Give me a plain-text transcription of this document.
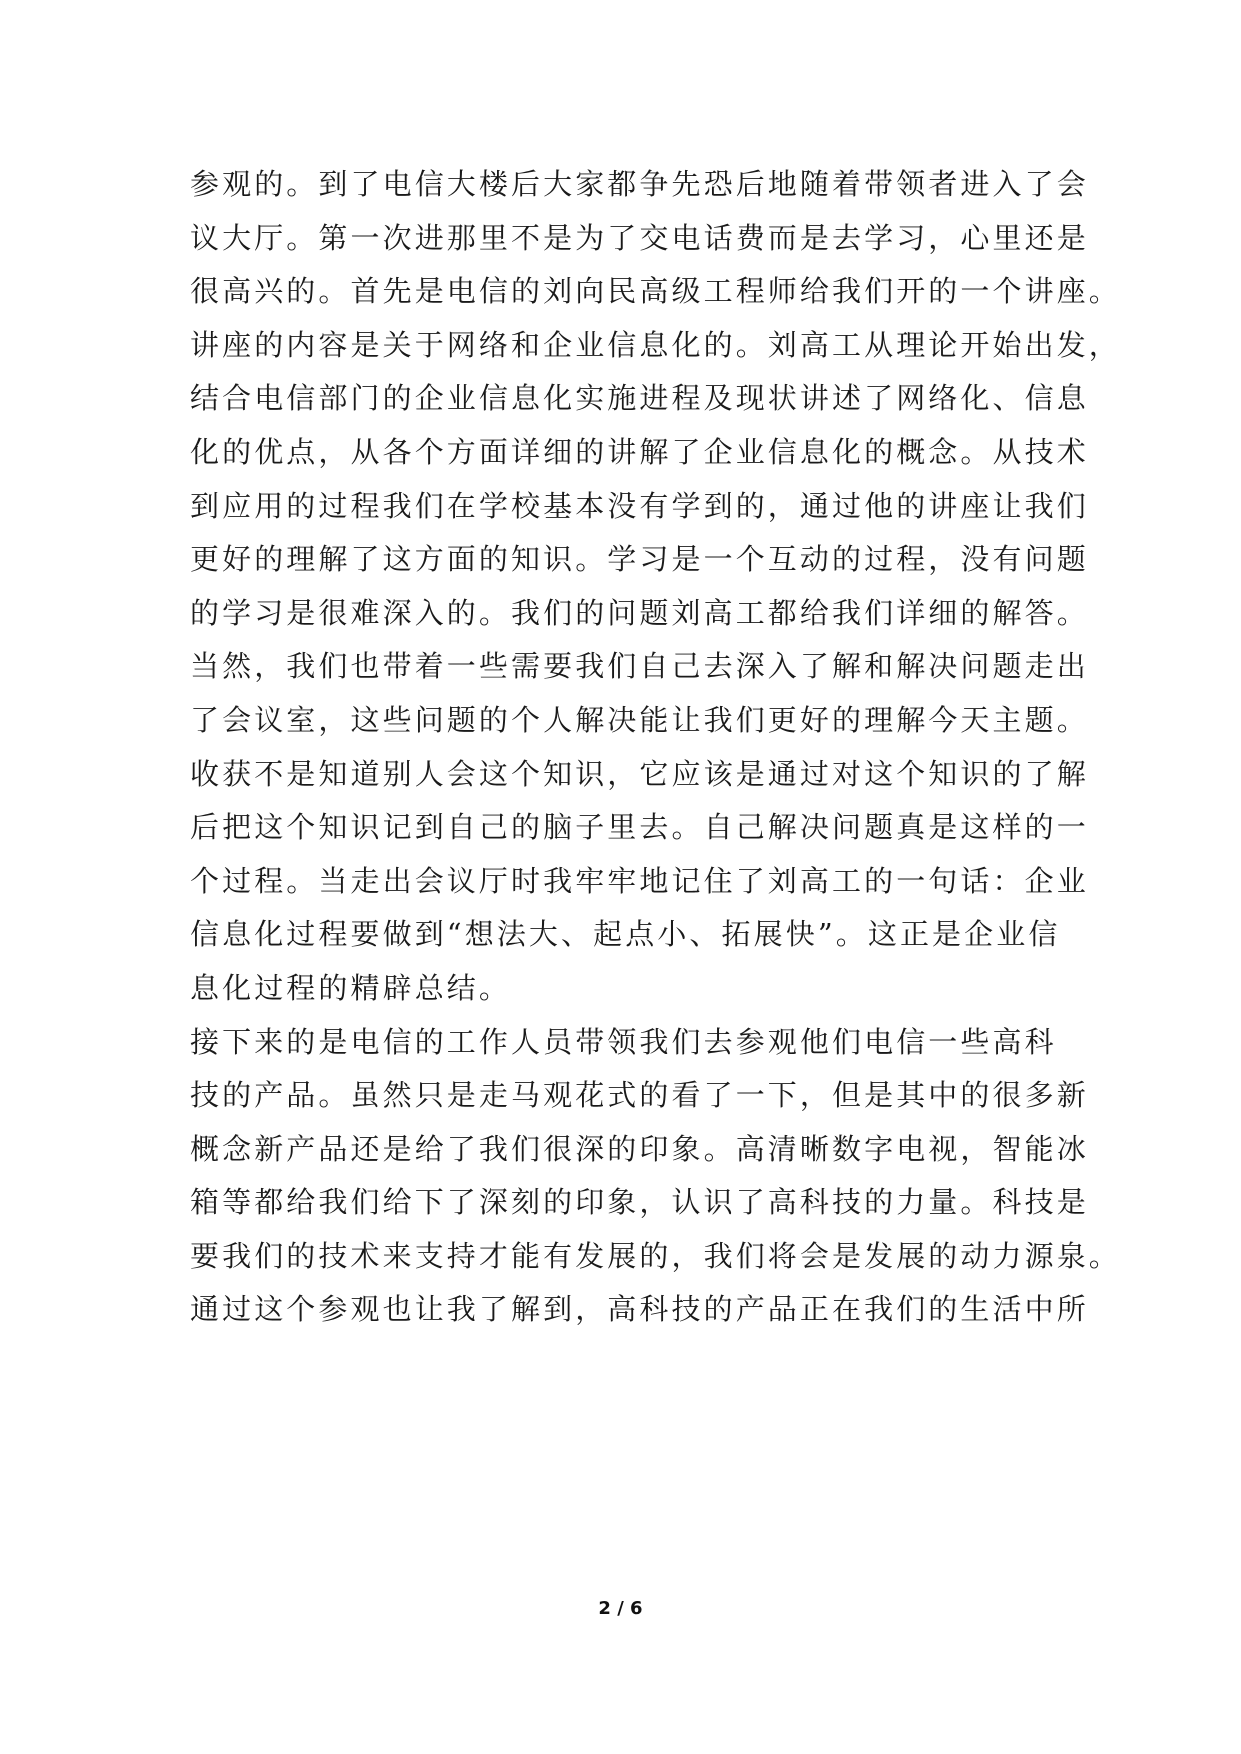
参观的。到了电信大楼后大家都争先恐后地随着带领者进入了会
议大厅。第一次进那里不是为了交电话费而是去学习，心里还是
很高兴的。首先是电信的刘向民高级工程师给我们开的一个讲座。
讲座的内容是关于网络和企业信息化的。刘高工从理论开始出发，
结合电信部门的企业信息化实施进程及现状讲述了网络化、信息
化的优点，从各个方面详细的讲解了企业信息化的概念。从技术
到应用的过程我们在学校基本没有学到的，通过他的讲座让我们
更好的理解了这方面的知识。学习是一个互动的过程，没有问题
的学习是很难深入的。我们的问题刘高工都给我们详细的解答。
当然，我们也带着一些需要我们自己去深入了解和解决问题走出
了会议室，这些问题的个人解决能让我们更好的理解今天主题。
收获不是知道别人会这个知识，它应该是通过对这个知识的了解
后把这个知识记到自己的脑子里去。自己解决问题真是这样的一
个过程。当走出会议厅时我牢牢地记住了刘高工的一句话：企业
信息化过程要做到“想法大、起点小、拓展快”。这正是企业信
息化过程的精辟总结。
接下来的是电信的工作人员带领我们去参观他们电信一些高科
技的产品。虽然只是走马观花式的看了一下，但是其中的很多新
概念新产品还是给了我们很深的印象。高清晰数字电视，智能冰
箱等都给我们给下了深刻的印象，认识了高科技的力量。科技是
要我们的技术来支持才能有发展的，我们将会是发展的动力源泉。
通过这个参观也让我了解到，高科技的产品正在我们的生活中所
2 / 6
